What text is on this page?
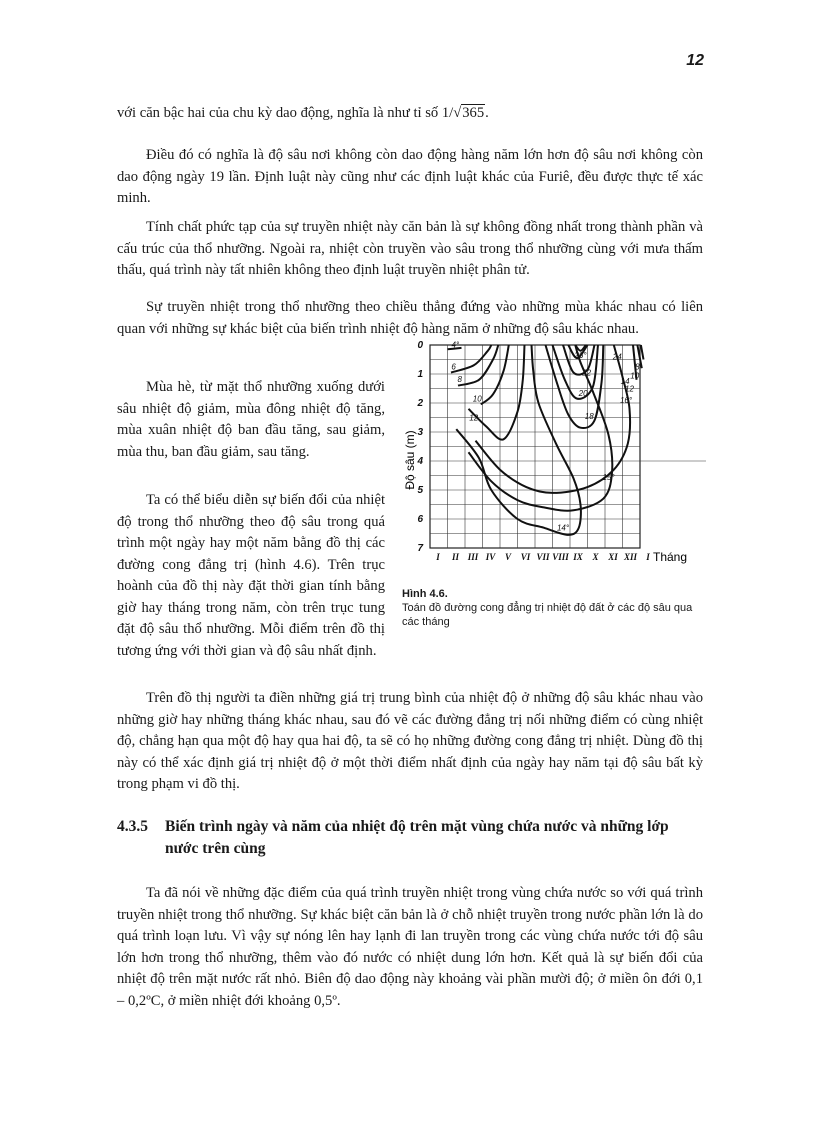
12

với căn bậc hai của chu kỳ dao động, nghĩa là như tỉ số 1/√365.

Điều đó có nghĩa là độ sâu nơi không còn dao động hàng năm lớn hơn độ sâu nơi không còn dao động ngày 19 lần. Định luật này cũng như các định luật khác của Furiê, đều được thực tế xác minh.

Tính chất phức tạp của sự truyền nhiệt này căn bản là sự không đồng nhất trong thành phần và cấu trúc của thổ nhưỡng. Ngoài ra, nhiệt còn truyền vào sâu trong thổ nhưỡng cùng với mưa thấm thấu, quá trình này tất nhiên không theo định luật truyền nhiệt phân tử.

Sự truyền nhiệt trong thổ nhưỡng theo chiều thẳng đứng vào những mùa khác nhau có liên quan với những sự khác biệt của biến trình nhiệt độ hàng năm ở những độ sâu khác nhau.

Mùa hè, từ mặt thổ nhưỡng xuống dưới sâu nhiệt độ giảm, mùa đông nhiệt độ tăng, mùa xuân nhiệt độ ban đầu tăng, sau giảm, mùa thu, ban đầu giảm, sau tăng.

Ta có thể biểu diễn sự biến đổi của nhiệt độ trong thổ nhưỡng theo độ sâu trong quá trình một ngày hay một năm bằng đồ thị các đường cong đẳng trị (hình 4.6). Trên trục hoành của đồ thị này đặt thời gian tính bằng giờ hay tháng trong năm, còn trên trục tung đặt độ sâu thổ nhưỡng. Mỗi điểm trên đồ thị tương ứng với thời gian và độ sâu nhất định.

4°
6
8
10
12
26°	24
22
20
18
16°
15°
14°
12
10
8
14
0
1
2
3
4
5
6
7
I II III IV V VI VII VIII IX X XI XII I
Độ sâu (m)
Tháng
Hình 4.6.
Toán đồ đường cong đẳng trị nhiệt độ đất ở các độ sâu qua các tháng

Trên đồ thị người ta điền những giá trị trung bình của nhiệt độ ở những độ sâu khác nhau vào những giờ hay những tháng khác nhau, sau đó vẽ các đường đẳng trị nối những điểm có cùng nhiệt độ, chẳng hạn qua một độ hay qua hai độ, ta sẽ có họ những đường cong đẳng trị nhiệt. Dùng đồ thị này có thể xác định giá trị nhiệt độ ở một thời điểm nhất định của ngày hay năm tại độ sâu bất kỳ trong phạm vi đồ thị.

4.3.5 Biến trình ngày và năm của nhiệt độ trên mặt vùng chứa nước và những lớp nước trên cùng

Ta đã nói về những đặc điểm của quá trình truyền nhiệt trong vùng chứa nước so với quá trình truyền nhiệt trong thổ nhưỡng. Sự khác biệt căn bản là ở chỗ nhiệt truyền trong nước phần lớn là do quá trình loạn lưu. Vì vậy sự nóng lên hay lạnh đi lan truyền trong các vùng chứa nước tới độ sâu lớn hơn trong thổ nhưỡng, thêm vào đó nước có nhiệt dung lớn hơn. Kết quả là sự biến đổi của nhiệt độ trên mặt nước rất nhỏ. Biên độ dao động này khoảng vài phần mười độ; ở miền ôn đới 0,1 – 0,2ºC, ở miền nhiệt đới khoảng 0,5º.
